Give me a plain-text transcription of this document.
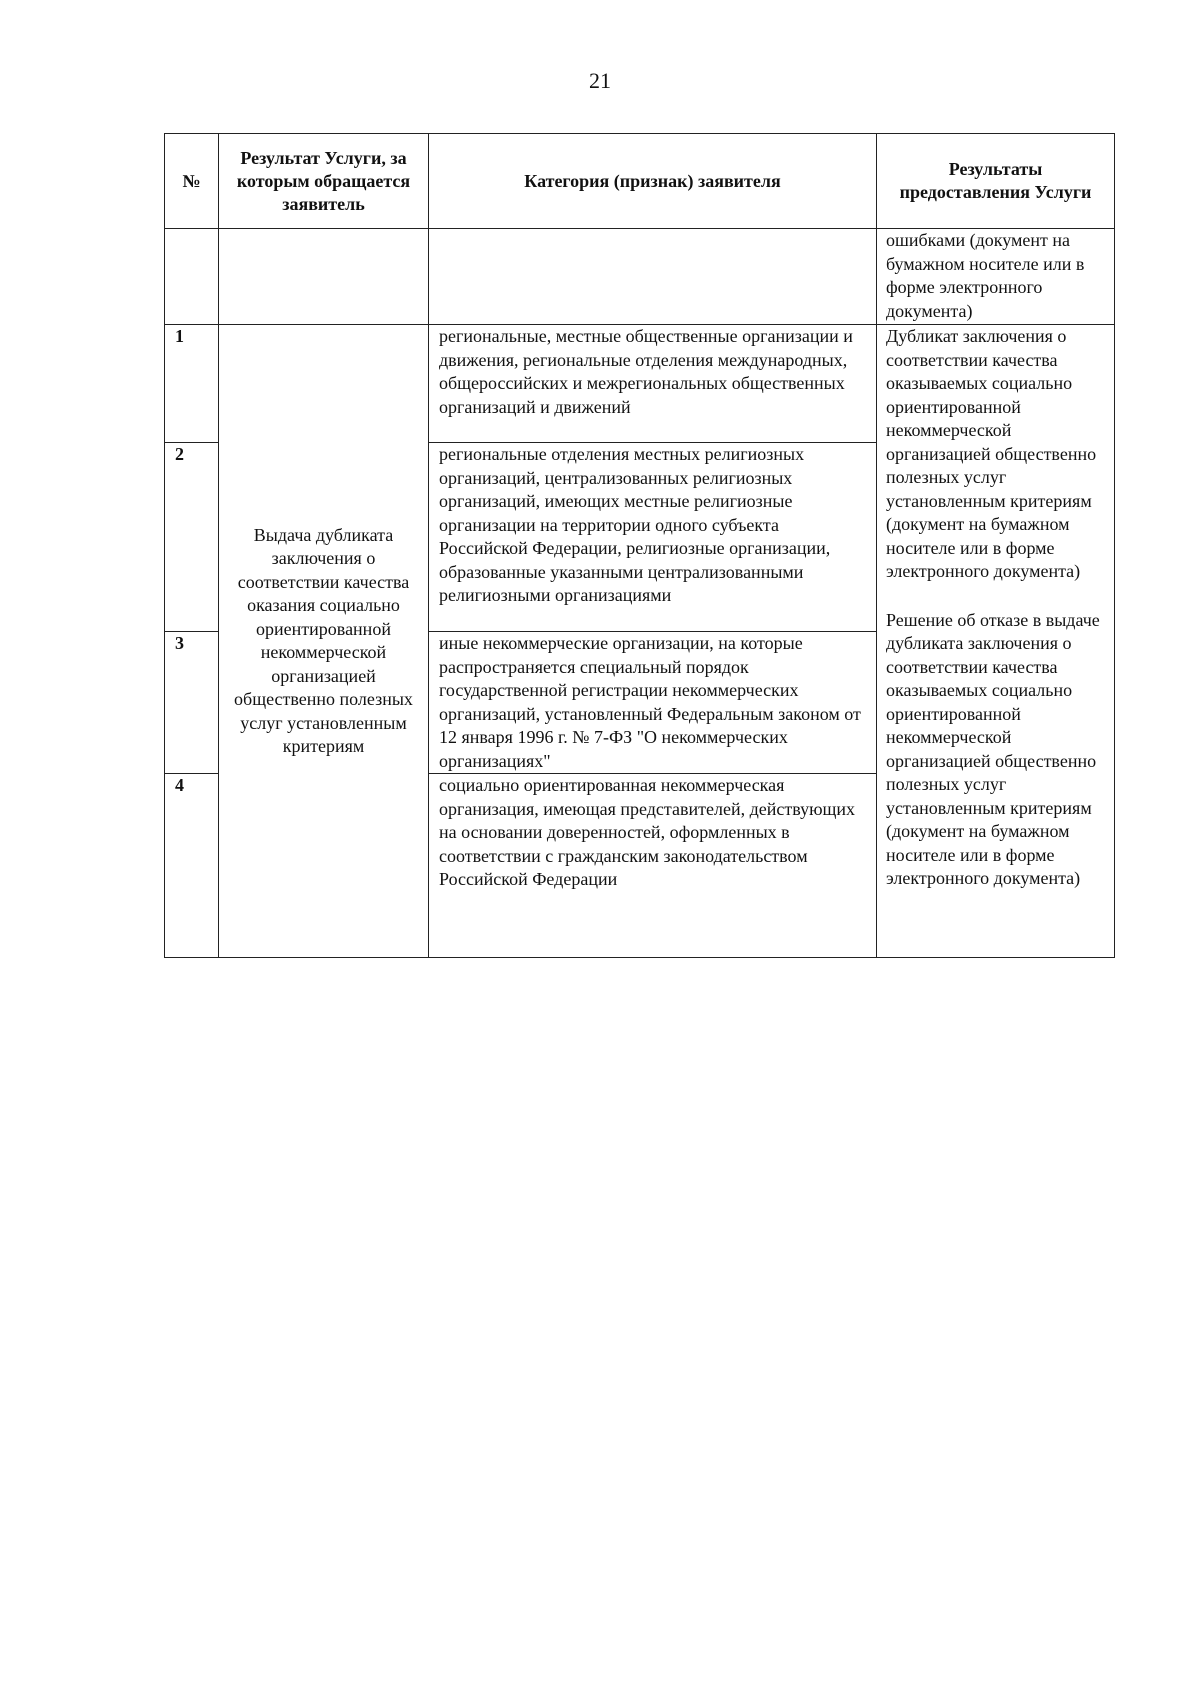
21
№	Результат Услуги, за которым обращается заявитель	Категория (признак) заявителя	Результаты предоставления Услуги
			ошибками (документ на бумажном носителе или в форме электронного документа)
1	Выдача дубликата заключения о соответствии качества оказания социально ориентированной некоммерческой организацией общественно полезных услуг установленным критериям	региональные, местные общественные организации и движения, региональные отделения международных, общероссийских и межрегиональных общественных организаций и движений	Дубликат заключения о соответствии качества оказываемых социально ориентированной некоммерческой организацией общественно полезных услуг установленным критериям (документ на бумажном носителе или в форме электронного документа)
Решение об отказе в выдаче дубликата заключения о соответствии качества оказываемых социально ориентированной некоммерческой организацией общественно полезных услуг установленным критериям (документ на бумажном носителе или в форме электронного документа)

2		региональные отделения местных религиозных организаций, централизованных религиозных организаций, имеющих местные религиозные организации на территории одного субъекта Российской Федерации, религиозные организации, образованные указанными централизованными религиозными организациями	
3		иные некоммерческие организации, на которые распространяется специальный порядок государственной регистрации некоммерческих организаций, установленный Федеральным законом от 12 января 1996 г. № 7-ФЗ "О некоммерческих организациях"	
4		социально ориентированная некоммерческая организация, имеющая представителей, действующих на основании доверенностей, оформленных в соответствии с гражданским законодательством Российской Федерации	
